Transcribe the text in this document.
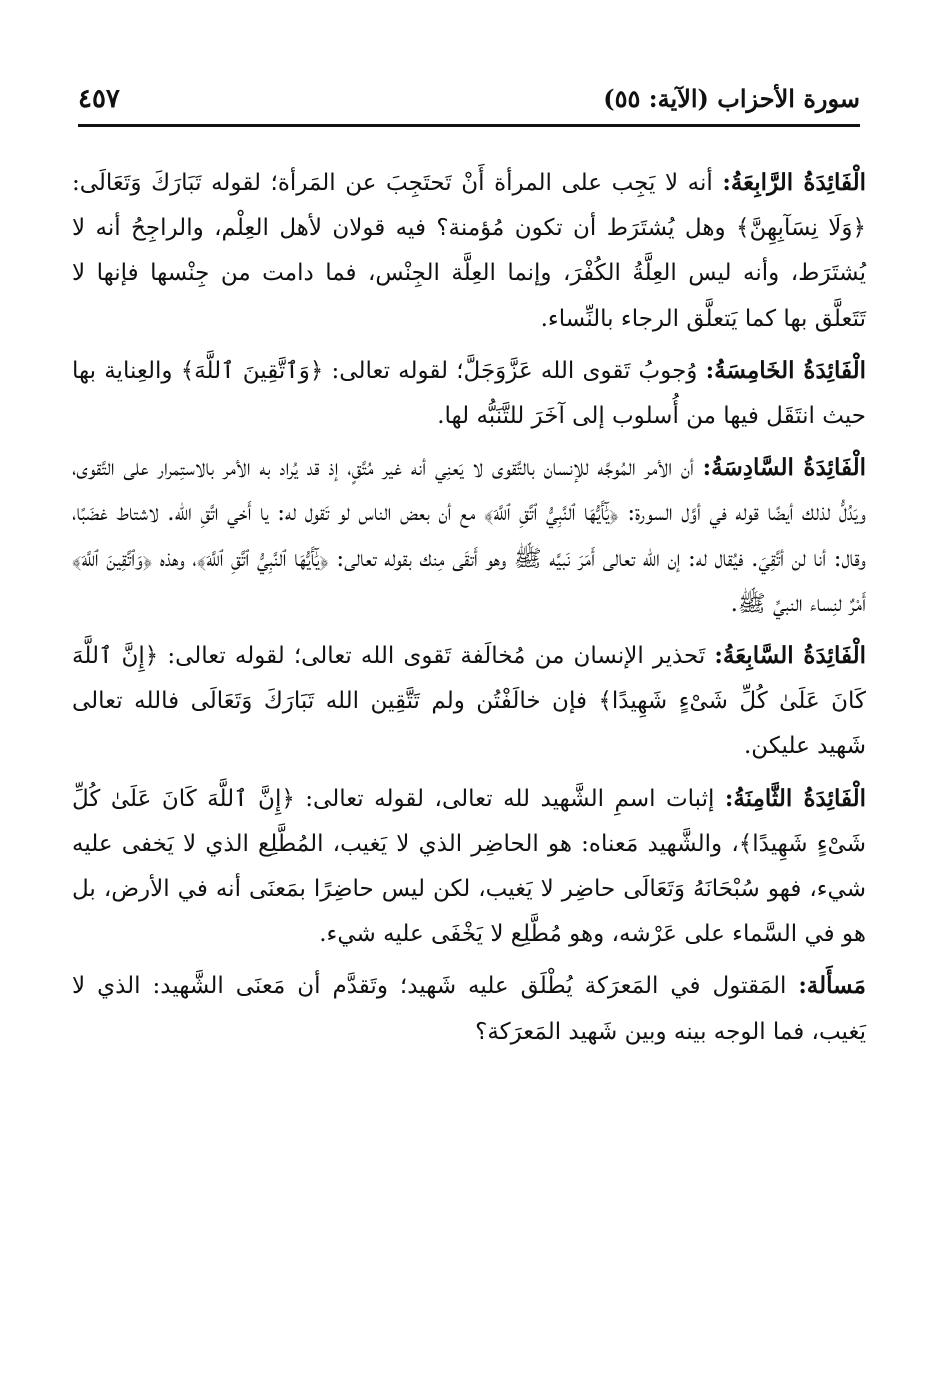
سورة الأحزاب (الآية: ٥٥)
٤٥٧

الْفَائِدَةُ الرَّابِعَةُ: أنه لا يَجِب على المرأة أَنْ تَحتَجِبَ عن المَرأة؛ لقوله تَبَارَكَ وَتَعَالَى: ﴿وَلَا نِسَآبِهِنَّ﴾ وهل يُشتَرَط أن تكون مُؤمنة؟ فيه قولان لأهل العِلْم، والراجِحُ أنه لا يُشتَرَط، وأنه ليس العِلَّةُ الكُفْرَ، وإنما العِلَّة الجِنْس، فما دامت من جِنْسها فإنها لا تَتَعلَّق بها كما يَتعلَّق الرجاء بالنِّساء.

الْفَائِدَةُ الخَامِسَةُ: وُجوبُ تَقوى الله عَزَّوَجَلَّ؛ لقوله تعالى: ﴿وَٱتَّقِينَ ٱللَّهَ﴾ والعِناية بها حيث انتَقَل فيها من أُسلوب إلى آخَرَ للتَّنَبُّه لها.

الْفَائِدَةُ السَّادِسَةُ: أن الأمر المُوجَّه للإنسان بالتَّقوى لا يَعنِي أنه غير مُتَّقٍ، إذ قد يُراد به الأمر بالاستِمرار على التَّقوى، ويَدُلُّ لذلك أيضًا قوله في أوَّل السورة: ﴿يَٰٓأَيُّهَا ٱلنَّبِيُّ ٱتَّقِ ٱللَّهَ﴾ مع أن بعض الناس لو تَقول له: يا أَخي اتَّقِ الله. لاشتاط غضَبًا، وقال: أنا لن أتَّقِيَ. فيُقال له: إن الله تعالى أَمَرَ نَبيَّه ﷺ وهو أَتقَى مِنك بقوله تعالى: ﴿يَٰٓأَيُّهَا ٱلنَّبِيُّ ٱتَّقِ ٱللَّهَ﴾، وهذه ﴿وَٱتَّقِينَ ٱللَّهَ﴾ أَمْرٌ لنِساء النبيِّ ﷺ.

الْفَائِدَةُ السَّابِعَةُ: تَحذير الإنسان من مُخالَفة تَقوى الله تعالى؛ لقوله تعالى: ﴿إِنَّ ٱللَّهَ كَانَ عَلَىٰ كُلِّ شَىْءٍ شَهِيدًا﴾ فإن خالَفْتُن ولم تَتَّقِين الله تَبَارَكَ وَتَعَالَى فالله تعالى شَهيد عليكن.

الْفَائِدَةُ الثَّامِنَةُ: إثبات اسمِ الشَّهيد لله تعالى، لقوله تعالى: ﴿إِنَّ ٱللَّهَ كَانَ عَلَىٰ كُلِّ شَىْءٍ شَهِيدًا﴾، والشَّهيد مَعناه: هو الحاضِر الذي لا يَغيب، المُطَّلِع الذي لا يَخفى عليه شيء، فهو سُبْحَانَهُ وَتَعَالَى حاضِر لا يَغيب، لكن ليس حاضِرًا بمَعنَى أنه في الأرض، بل هو في السَّماء على عَرْشه، وهو مُطَّلِع لا يَخْفَى عليه شيء.

مَسأَلة: المَقتول في المَعرَكة يُطْلَق عليه شَهيد؛ وتَقدَّم أن مَعنَى الشَّهيد: الذي لا يَغيب، فما الوجه بينه وبين شَهيد المَعرَكة؟
